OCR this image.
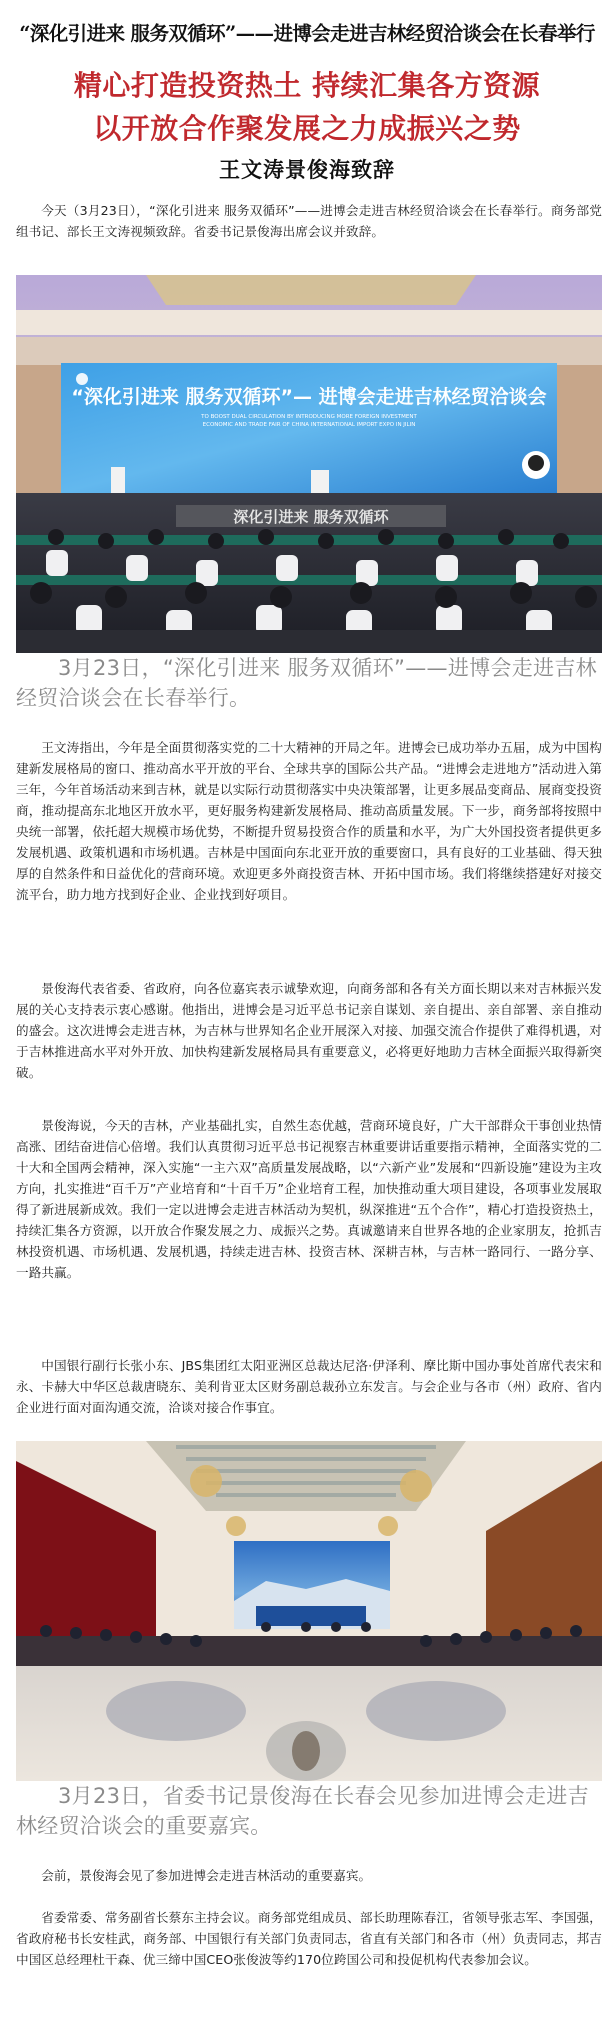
“深化引进来 服务双循环”——进博会走进吉林经贸洽谈会在长春举行
精心打造投资热土 持续汇集各方资源
以开放合作聚发展之力成振兴之势
王文涛景俊海致辞

今天（3月23日），“深化引进来 服务双循环”——进博会走进吉林经贸洽谈会在长春举行。商务部党组书记、部长王文涛视频致辞。省委书记景俊海出席会议并致辞。

“深化引进来 服务双循环”— 进博会走进吉林经贸洽谈会
TO BOOST DUAL CIRCULATION BY INTRODUCING MORE FOREIGN INVESTMENT
ECONOMIC AND TRADE FAIR OF CHINA INTERNATIONAL IMPORT EXPO IN JILIN
深化引进来 服务双循环

3月23日，“深化引进来 服务双循环”——进博会走进吉林经贸洽谈会在长春举行。

王文涛指出，今年是全面贯彻落实党的二十大精神的开局之年。进博会已成功举办五届，成为中国构建新发展格局的窗口、推动高水平开放的平台、全球共享的国际公共产品。“进博会走进地方”活动进入第三年，今年首场活动来到吉林，就是以实际行动贯彻落实中央决策部署，让更多展品变商品、展商变投资商，推动提高东北地区开放水平，更好服务构建新发展格局、推动高质量发展。下一步，商务部将按照中央统一部署，依托超大规模市场优势，不断提升贸易投资合作的质量和水平，为广大外国投资者提供更多发展机遇、政策机遇和市场机遇。吉林是中国面向东北亚开放的重要窗口，具有良好的工业基础、得天独厚的自然条件和日益优化的营商环境。欢迎更多外商投资吉林、开拓中国市场。我们将继续搭建好对接交流平台，助力地方找到好企业、企业找到好项目。

景俊海代表省委、省政府，向各位嘉宾表示诚挚欢迎，向商务部和各有关方面长期以来对吉林振兴发展的关心支持表示衷心感谢。他指出，进博会是习近平总书记亲自谋划、亲自提出、亲自部署、亲自推动的盛会。这次进博会走进吉林，为吉林与世界知名企业开展深入对接、加强交流合作提供了难得机遇，对于吉林推进高水平对外开放、加快构建新发展格局具有重要意义，必将更好地助力吉林全面振兴取得新突破。

景俊海说，今天的吉林，产业基础扎实，自然生态优越，营商环境良好，广大干部群众干事创业热情高涨、团结奋进信心倍增。我们认真贯彻习近平总书记视察吉林重要讲话重要指示精神，全面落实党的二十大和全国两会精神，深入实施“一主六双”高质量发展战略，以“六新产业”发展和“四新设施”建设为主攻方向，扎实推进“百千万”产业培育和“十百千万”企业培育工程，加快推动重大项目建设，各项事业发展取得了新进展新成效。我们一定以进博会走进吉林活动为契机，纵深推进“五个合作”，精心打造投资热土，持续汇集各方资源，以开放合作聚发展之力、成振兴之势。真诚邀请来自世界各地的企业家朋友，抢抓吉林投资机遇、市场机遇、发展机遇，持续走进吉林、投资吉林、深耕吉林，与吉林一路同行、一路分享、一路共赢。

中国银行副行长张小东、JBS集团红太阳亚洲区总裁达尼洛·伊泽利、摩比斯中国办事处首席代表宋和永、卡赫大中华区总裁唐晓东、美利肯亚太区财务副总裁孙立东发言。与会企业与各市（州）政府、省内企业进行面对面沟通交流，洽谈对接合作事宜。

3月23日，省委书记景俊海在长春会见参加进博会走进吉林经贸洽谈会的重要嘉宾。

会前，景俊海会见了参加进博会走进吉林活动的重要嘉宾。

省委常委、常务副省长蔡东主持会议。商务部党组成员、部长助理陈春江，省领导张志军、李国强，省政府秘书长安桂武，商务部、中国银行有关部门负责同志，省直有关部门和各市（州）负责同志，邦吉中国区总经理杜干森、优三缔中国CEO张俊波等约170位跨国公司和投促机构代表参加会议。
